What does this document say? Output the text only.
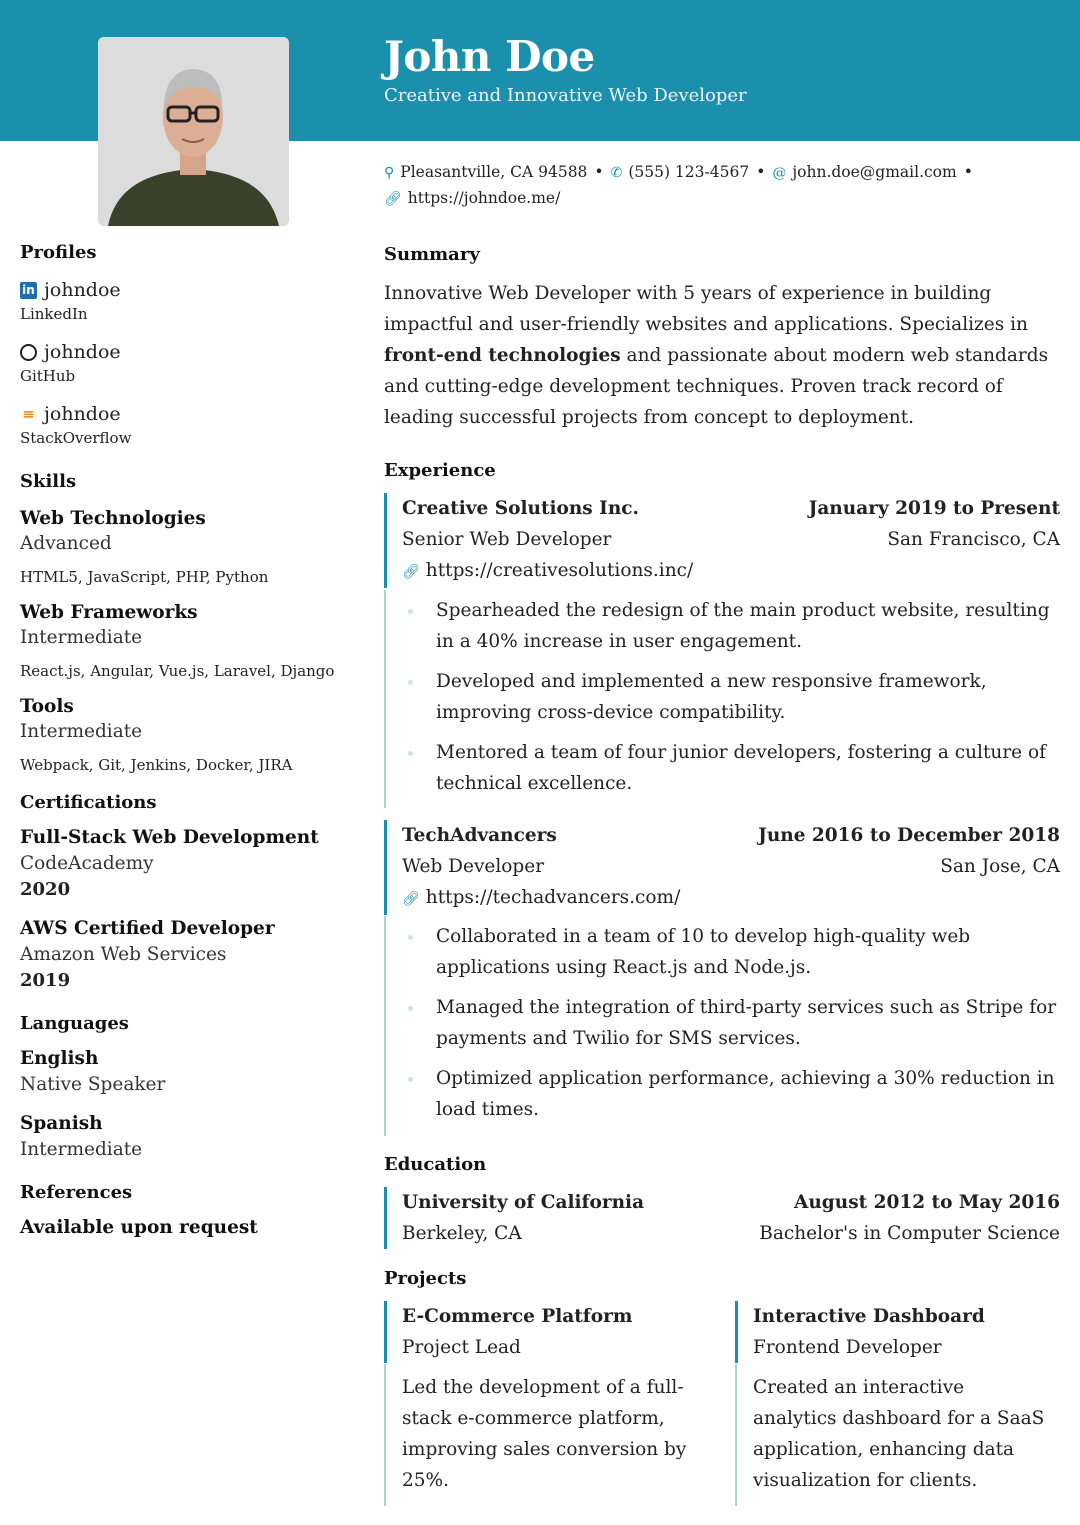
John Doe
Creative and Innovative Web Developer
⚲ Pleasantville, CA 94588 • ✆ (555) 123-4567 • @ john.doe@gmail.com •
🔗︎ https://johndoe.me/
Profiles
in johndoe
LinkedIn
johndoe
GitHub
≡ johndoe
StackOverflow
Skills
Web Technologies
Advanced
HTML5, JavaScript, PHP, Python
Web Frameworks
Intermediate
React.js, Angular, Vue.js, Laravel, Django
Tools
Intermediate
Webpack, Git, Jenkins, Docker, JIRA
Certifications
Full-Stack Web Development
CodeAcademy
2020
AWS Certified Developer
Amazon Web Services
2019
Languages
English
Native Speaker
Spanish
Intermediate
References
Available upon request
Summary
Innovative Web Developer with 5 years of experience in building impactful and user-friendly websites and applications. Specializes in front-end technologies and passionate about modern web standards and cutting-edge development techniques. Proven track record of leading successful projects from concept to deployment.
Experience
Creative Solutions Inc.	January 2019 to Present
Senior Web Developer	San Francisco, CA
🔗︎ https://creativesolutions.inc/
Spearheaded the redesign of the main product website, resulting in a 40% increase in user engagement.
Developed and implemented a new responsive framework, improving cross-device compatibility.
Mentored a team of four junior developers, fostering a culture of technical excellence.
TechAdvancers	June 2016 to December 2018
Web Developer	San Jose, CA
🔗︎ https://techadvancers.com/
Collaborated in a team of 10 to develop high-quality web applications using React.js and Node.js.
Managed the integration of third-party services such as Stripe for payments and Twilio for SMS services.
Optimized application performance, achieving a 30% reduction in load times.
Education
University of California	August 2012 to May 2016
Berkeley, CA	Bachelor's in Computer Science
Projects
E-Commerce Platform
Project Lead
Led the development of a full-stack e-commerce platform, improving sales conversion by 25%.
Interactive Dashboard
Frontend Developer
Created an interactive analytics dashboard for a SaaS application, enhancing data visualization for clients.
